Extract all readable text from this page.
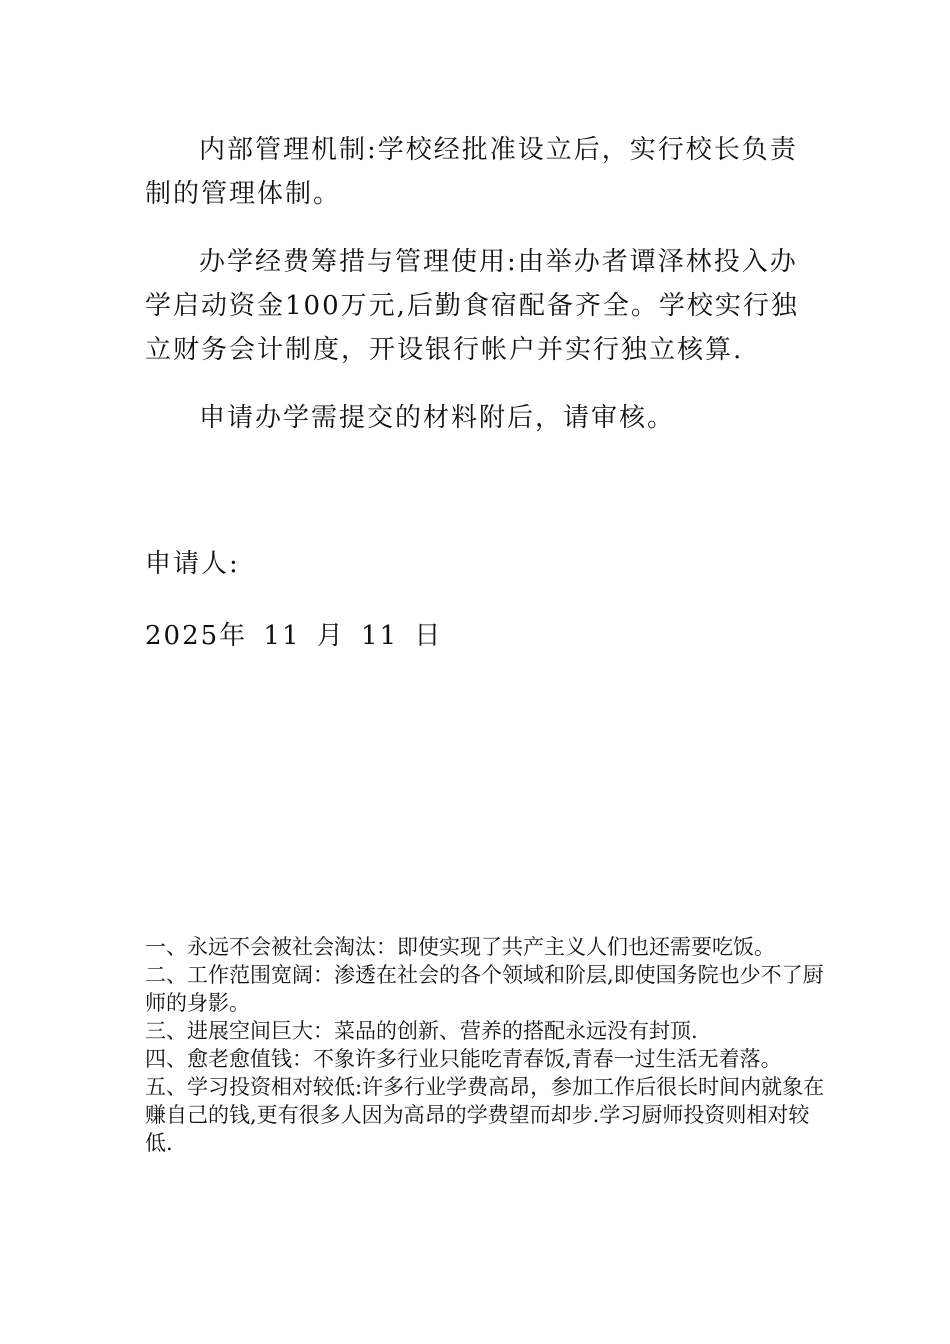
内部管理机制:学校经批准设立后，实行校长负责制的管理体制。

办学经费筹措与管理使用:由举办者谭泽林投入办学启动资金100万元,后勤食宿配备齐全。学校实行独立财务会计制度，开设银行帐户并实行独立核算.

申请办学需提交的材料附后，请审核。

申请人:

2025年 11 月 11 日

一、永远不会被社会淘汰：即使实现了共产主义人们也还需要吃饭。

二、工作范围宽阔：渗透在社会的各个领域和阶层,即使国务院也少不了厨师的身影。

三、进展空间巨大：菜品的创新、营养的搭配永远没有封顶.

四、愈老愈值钱：不象许多行业只能吃青春饭,青春一过生活无着落。

五、学习投资相对较低:许多行业学费高昂，参加工作后很长时间内就象在赚自己的钱,更有很多人因为高昂的学费望而却步.学习厨师投资则相对较低.
